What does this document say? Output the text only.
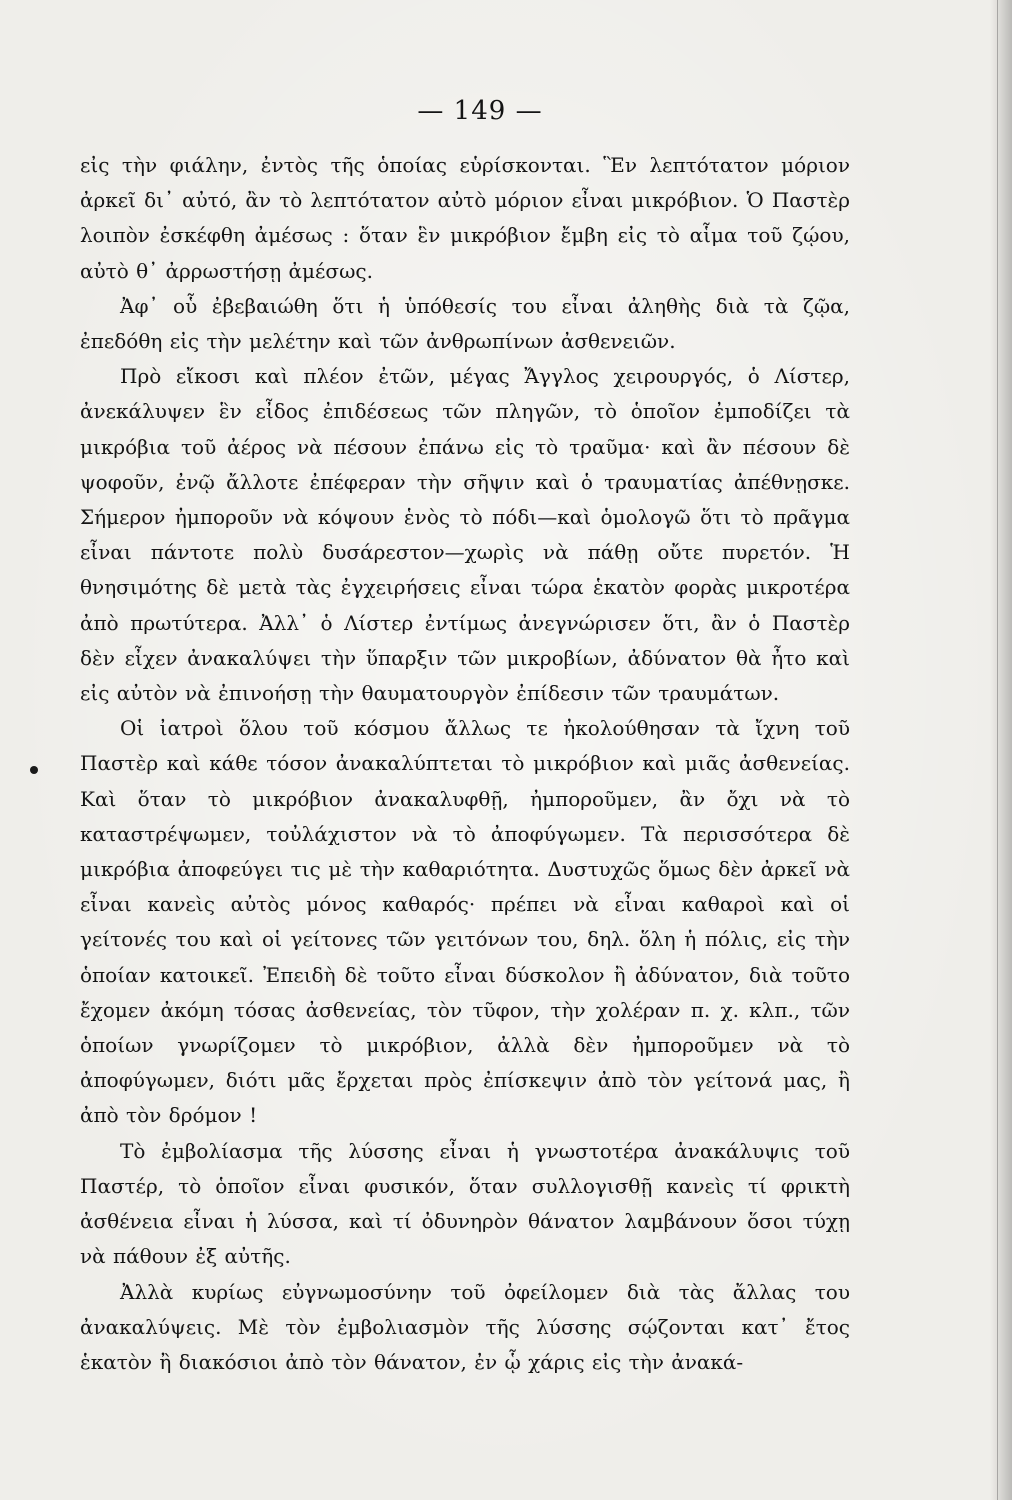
— 149 —

εἰς τὴν φιάλην, ἐντὸς τῆς ὁποίας εὑρίσκονται. Ἓν λεπτότατον μόριον ἀρκεῖ δι᾽ αὐτό, ἂν τὸ λεπτότατον αὐτὸ μόριον εἶναι μικρόβιον. Ὁ Παστὲρ λοιπὸν ἐσκέφθη ἀμέσως : ὅταν ἓν μικρόβιον ἔμβη εἰς τὸ αἷμα τοῦ ζῴου, αὐτὸ θ᾽ ἀρρωστήσῃ ἀμέσως.

Ἀφ᾽ οὗ ἐβεβαιώθη ὅτι ἡ ὑπόθεσίς του εἶναι ἀληθὴς διὰ τὰ ζῷα, ἐπεδόθη εἰς τὴν μελέτην καὶ τῶν ἀνθρωπίνων ἀσθενειῶν.

Πρὸ εἴκοσι καὶ πλέον ἐτῶν, μέγας Ἄγγλος χειρουργός, ὁ Λίστερ, ἀνεκάλυψεν ἓν εἶδος ἐπιδέσεως τῶν πληγῶν, τὸ ὁποῖον ἐμποδίζει τὰ μικρόβια τοῦ ἀέρος νὰ πέσουν ἐπάνω εἰς τὸ τραῦμα· καὶ ἂν πέσουν δὲ ψοφοῦν, ἐνῷ ἄλλοτε ἐπέφεραν τὴν σῆψιν καὶ ὁ τραυματίας ἀπέθνῃσκε. Σήμερον ἠμποροῦν νὰ κόψουν ἑνὸς τὸ πόδι—καὶ ὁμολογῶ ὅτι τὸ πρᾶγμα εἶναι πάντοτε πολὺ δυσάρεστον—χωρὶς νὰ πάθῃ οὔτε πυρετόν. Ἡ θνησιμότης δὲ μετὰ τὰς ἐγχειρήσεις εἶναι τώρα ἑκατὸν φορὰς μικροτέρα ἀπὸ πρωτύτερα. Ἀλλ᾽ ὁ Λίστερ ἐντίμως ἀνεγνώρισεν ὅτι, ἂν ὁ Παστὲρ δὲν εἶχεν ἀνακαλύψει τὴν ὕπαρξιν τῶν μικροβίων, ἀδύνατον θὰ ἦτο καὶ εἰς αὐτὸν νὰ ἐπινοήσῃ τὴν θαυματουργὸν ἐπίδεσιν τῶν τραυμάτων.

Οἱ ἰατροὶ ὅλου τοῦ κόσμου ἄλλως τε ἠκολούθησαν τὰ ἴχνη τοῦ Παστὲρ καὶ κάθε τόσον ἀνακαλύπτεται τὸ μικρόβιον καὶ μιᾶς ἀσθενείας. Καὶ ὅταν τὸ μικρόβιον ἀνακαλυφθῇ, ἠμποροῦμεν, ἂν ὄχι νὰ τὸ καταστρέψωμεν, τοὐλάχιστον νὰ τὸ ἀποφύγωμεν. Τὰ περισσότερα δὲ μικρόβια ἀποφεύγει τις μὲ τὴν καθαριότητα. Δυστυχῶς ὅμως δὲν ἀρκεῖ νὰ εἶναι κανεὶς αὐτὸς μόνος καθαρός· πρέπει νὰ εἶναι καθαροὶ καὶ οἱ γείτονές του καὶ οἱ γείτονες τῶν γειτόνων του, δηλ. ὅλη ἡ πόλις, εἰς τὴν ὁποίαν κατοικεῖ. Ἐπειδὴ δὲ τοῦτο εἶναι δύσκολον ἢ ἀδύνατον, διὰ τοῦτο ἔχομεν ἀκόμη τόσας ἀσθενείας, τὸν τῦφον, τὴν χολέραν π. χ. κλπ., τῶν ὁποίων γνωρίζομεν τὸ μικρόβιον, ἀλλὰ δὲν ἠμποροῦμεν νὰ τὸ ἀποφύγωμεν, διότι μᾶς ἔρχεται πρὸς ἐπίσκεψιν ἀπὸ τὸν γείτονά μας, ἢ ἀπὸ τὸν δρόμον !

Τὸ ἐμβολίασμα τῆς λύσσης εἶναι ἡ γνωστοτέρα ἀνακάλυψις τοῦ Παστέρ, τὸ ὁποῖον εἶναι φυσικόν, ὅταν συλλογισθῇ κανεὶς τί φρικτὴ ἀσθένεια εἶναι ἡ λύσσα, καὶ τί ὀδυνηρὸν θάνατον λαμβάνουν ὅσοι τύχῃ νὰ πάθουν ἐξ αὐτῆς.

Ἀλλὰ κυρίως εὐγνωμοσύνην τοῦ ὀφείλομεν διὰ τὰς ἄλλας του ἀνακαλύψεις. Μὲ τὸν ἐμβολιασμὸν τῆς λύσσης σῴζονται κατ᾽ ἔτος ἑκατὸν ἢ διακόσιοι ἀπὸ τὸν θάνατον, ἐν ᾧ χάρις εἰς τὴν ἀνακά-
